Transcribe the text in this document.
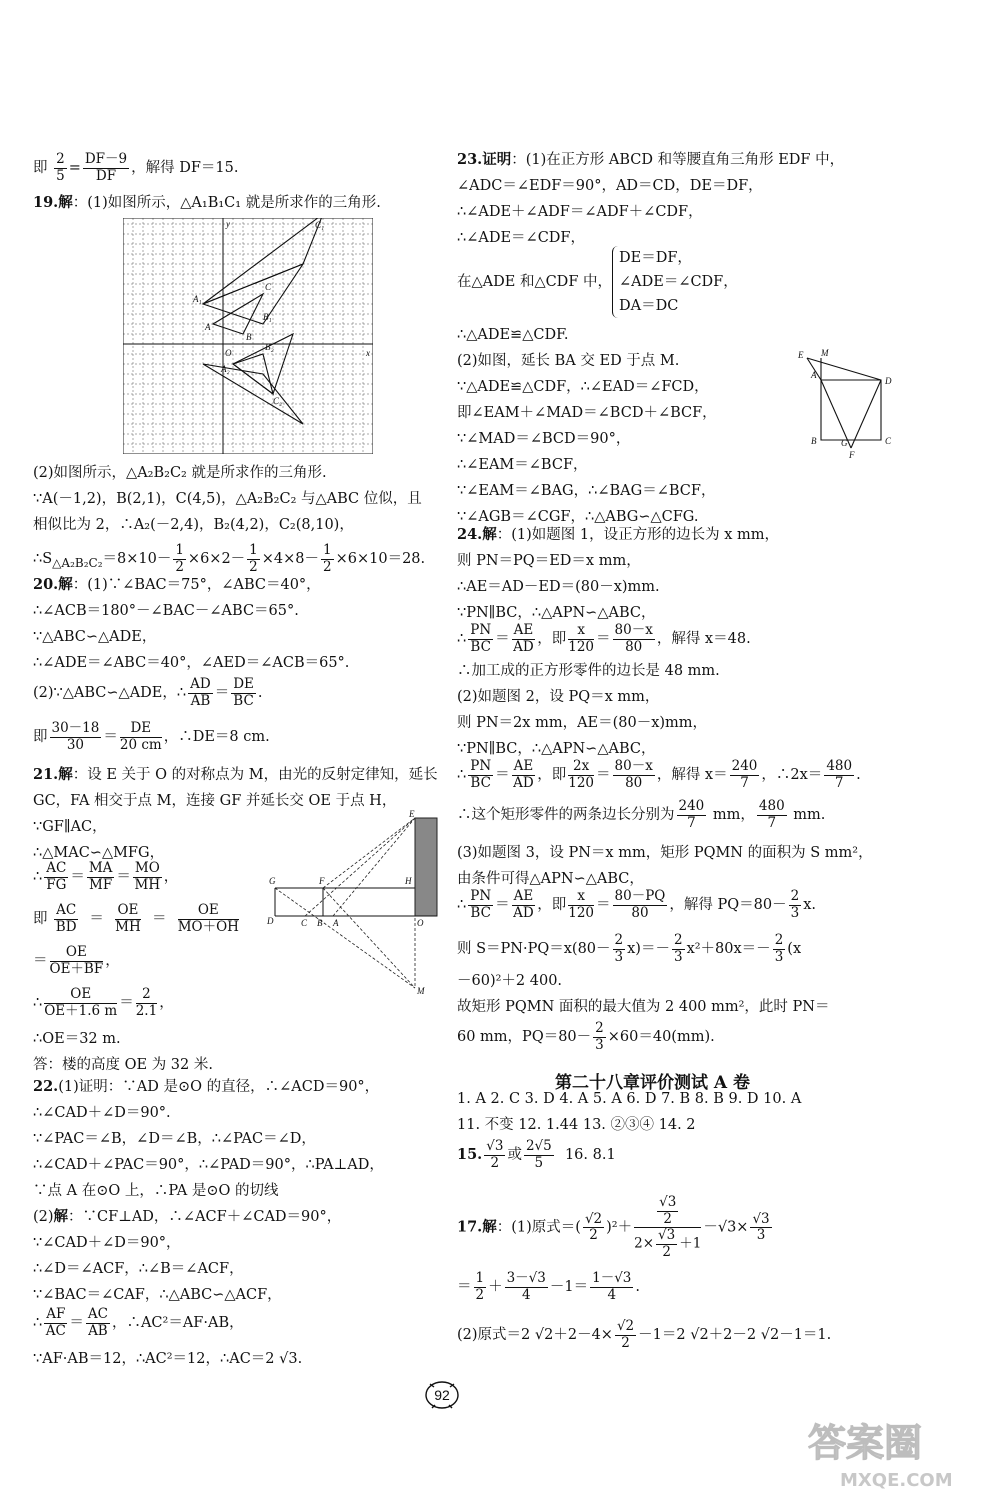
即 $\frac{2}{5} = \frac{DF-9}{DF}$ ，解得 DF＝15.
19.解：(1)如图所示，△A₁B₁C₁ 就是所求作的三角形.
y
x
O
A
B
C
A₁
B₁
C₁
A₂
B₂
C₂
(2)如图所示，△A₂B₂C₂ 就是所求作的三角形.
∵A(－1,2)，B(2,1)，C(4,5)，△A₂B₂C₂ 与△ABC 位似，且
相似比为 2，∴A₂(－2,4)，B₂(4,2)，C₂(8,10)，
$\therefore S_{\triangle A_2B_2C_2}=8\times 10- \frac{1}{2} \times 6\times 2- \frac{1}{2} \times 4\times 8- \frac{1}{2} \times 6\times 10=28$.
20.解：(1)∵∠BAC＝75°，∠ABC＝40°，
∴∠ACB＝180°－∠BAC－∠ABC＝65°.
∵△ABC∽△ADE，
∴∠ADE＝∠ABC＝40°，∠AED＝∠ACB＝65°.
(2)∵△ABC∽△ADE，∴ $\frac{AD}{AB} = \frac{DE}{BC}$ .
即 $\frac{30-18}{30} = \frac{DE}{20 cm}$ ，∴DE＝8 cm.
21.解：设 E 关于 O 的对称点为 M，由光的反射定律知，延长
GC，FA 相交于点 M，连接 GF 并延长交 OE 于点 H，
∵GF∥AC，
∴△MAC∽△MFG，
∴ $\frac{AC}{FG} = \frac{MA}{MF} = \frac{MO}{MH}$ ，
即 $\frac{AC}{BD} = \frac{OE}{MH} = \frac{OE}{MO+OH}$
＝ $\frac{OE}{OE+BF}$ ，
∴ $\frac{OE}{OE+1.6 m} = \frac{2}{2.1}$ ，
∴OE＝32 m.
答：楼的高度 OE 为 32 米.
E
G	F	H
D	C B A	O
M
22.(1)证明：∵AD 是⊙O 的直径，∴∠ACD＝90°，
∴∠CAD＋∠D＝90°.
∵∠PAC＝∠B，∠D＝∠B，∴∠PAC＝∠D，
∴∠CAD＋∠PAC＝90°，∴∠PAD＝90°，∴PA⊥AD，
∵点 A 在⊙O 上，∴PA 是⊙O 的切线
(2)解：∵CF⊥AD，∴∠ACF＋∠CAD＝90°，
∵∠CAD＋∠D＝90°，
∴∠D＝∠ACF，∴∠B＝∠ACF，
∵∠BAC＝∠CAF，∴△ABC∽△ACF，
∴ $\frac{AF}{AC} = \frac{AC}{AB}$ ，∴AC²＝AF·AB，
∵AF·AB＝12，∴AC²＝12，∴AC＝2 √3.
23.证明：(1)在正方形 ABCD 和等腰直角三角形 EDF 中，
∠ADC＝∠EDF＝90°，AD＝CD，DE＝DF，
∴∠ADE＋∠ADF＝∠ADF＋∠CDF，
∴∠ADE＝∠CDF，
在△ADE 和△CDF 中，DE＝DF，
∠ADE＝∠CDF，
DA＝DC
∴△ADE≌△CDF.
(2)如图，延长 BA 交 ED 于点 M.
∵△ADE≌△CDF，∴∠EAD＝∠FCD，
即∠EAM＋∠MAD＝∠BCD＋∠BCF，
∵∠MAD＝∠BCD＝90°，
∴∠EAM＝∠BCF，
∵∠EAM＝∠BAG，∴∠BAG＝∠BCF，
∵∠AGB＝∠CGF，∴△ABG∽△CFG.
E M
A
D
B	G
F
C
24.解：(1)如题图 1，设正方形的边长为 x mm，
则 PN＝PQ＝ED＝x mm，
∴AE＝AD－ED＝(80－x)mm.
∵PN∥BC，∴△APN∽△ABC，
∴ $\frac{PN}{BC} = \frac{AE}{AD}$ ，即 $\frac{x}{120} = \frac{80-x}{80}$ ，解得 x＝48.
∴加工成的正方形零件的边长是 48 mm.
(2)如题图 2，设 PQ＝x mm，
则 PN＝2x mm，AE＝(80－x)mm，
∵PN∥BC，∴△APN∽△ABC，
∴ $\frac{PN}{BC} = \frac{AE}{AD}$ ，即 $\frac{2x}{120} = \frac{80-x}{80}$ ，解得 $x= \frac{240}{7}$ ，∴2x＝ $\frac{480}{7}$ .
∴这个矩形零件的两条边长分别为 $\frac{240}{7}$ mm， $\frac{480}{7}$ mm.
(3)如题图 3，设 PN＝x mm，矩形 PQMN 的面积为 S mm²，
由条件可得△APN∽△ABC，
∴ $\frac{PN}{BC} = \frac{AE}{AD}$ ，即 $\frac{x}{120} = \frac{80-PQ}{80}$ ，解得 $PQ=80- \frac{2}{3} x$.
则 $S=PN\cdot PQ=x(80- \frac{2}{3} x)=- \frac{2}{3} x^2+80x=- \frac{2}{3} (x$
－60)²＋2 400.
故矩形 PQMN 面积的最大值为 2 400 mm²，此时 PN＝
60 mm，$PQ=80- \frac{2}{3} \times 60=40(mm)$.
1. A 2. C 3. D 4. A 5. A 6. D 7. B 8. B 9. D 10. A
11. 不变 12. 1.44 13. ②③④ 14. 2
15. $\frac{√3}{2}$ 或 $\frac{2√5}{5} 16$. 8.1
17.解：(1)原式＝( $\frac{√2}{2} )^2+ \frac{\frac{√3}{2}}{2\times \frac{√3}{2} +1} -√3\times \frac{√3}{3}$
＝ $\frac{1}{2} + \frac{3-√3}{4} -1= \frac{1-√3}{4}$ .
(2)原式＝2 $√2+2-4\times \frac{√2}{2} -1=2$ √2＋2－2 √2－1＝1.
第二十八章评价测试 A 卷
92
答案圈
MXQE.COM
